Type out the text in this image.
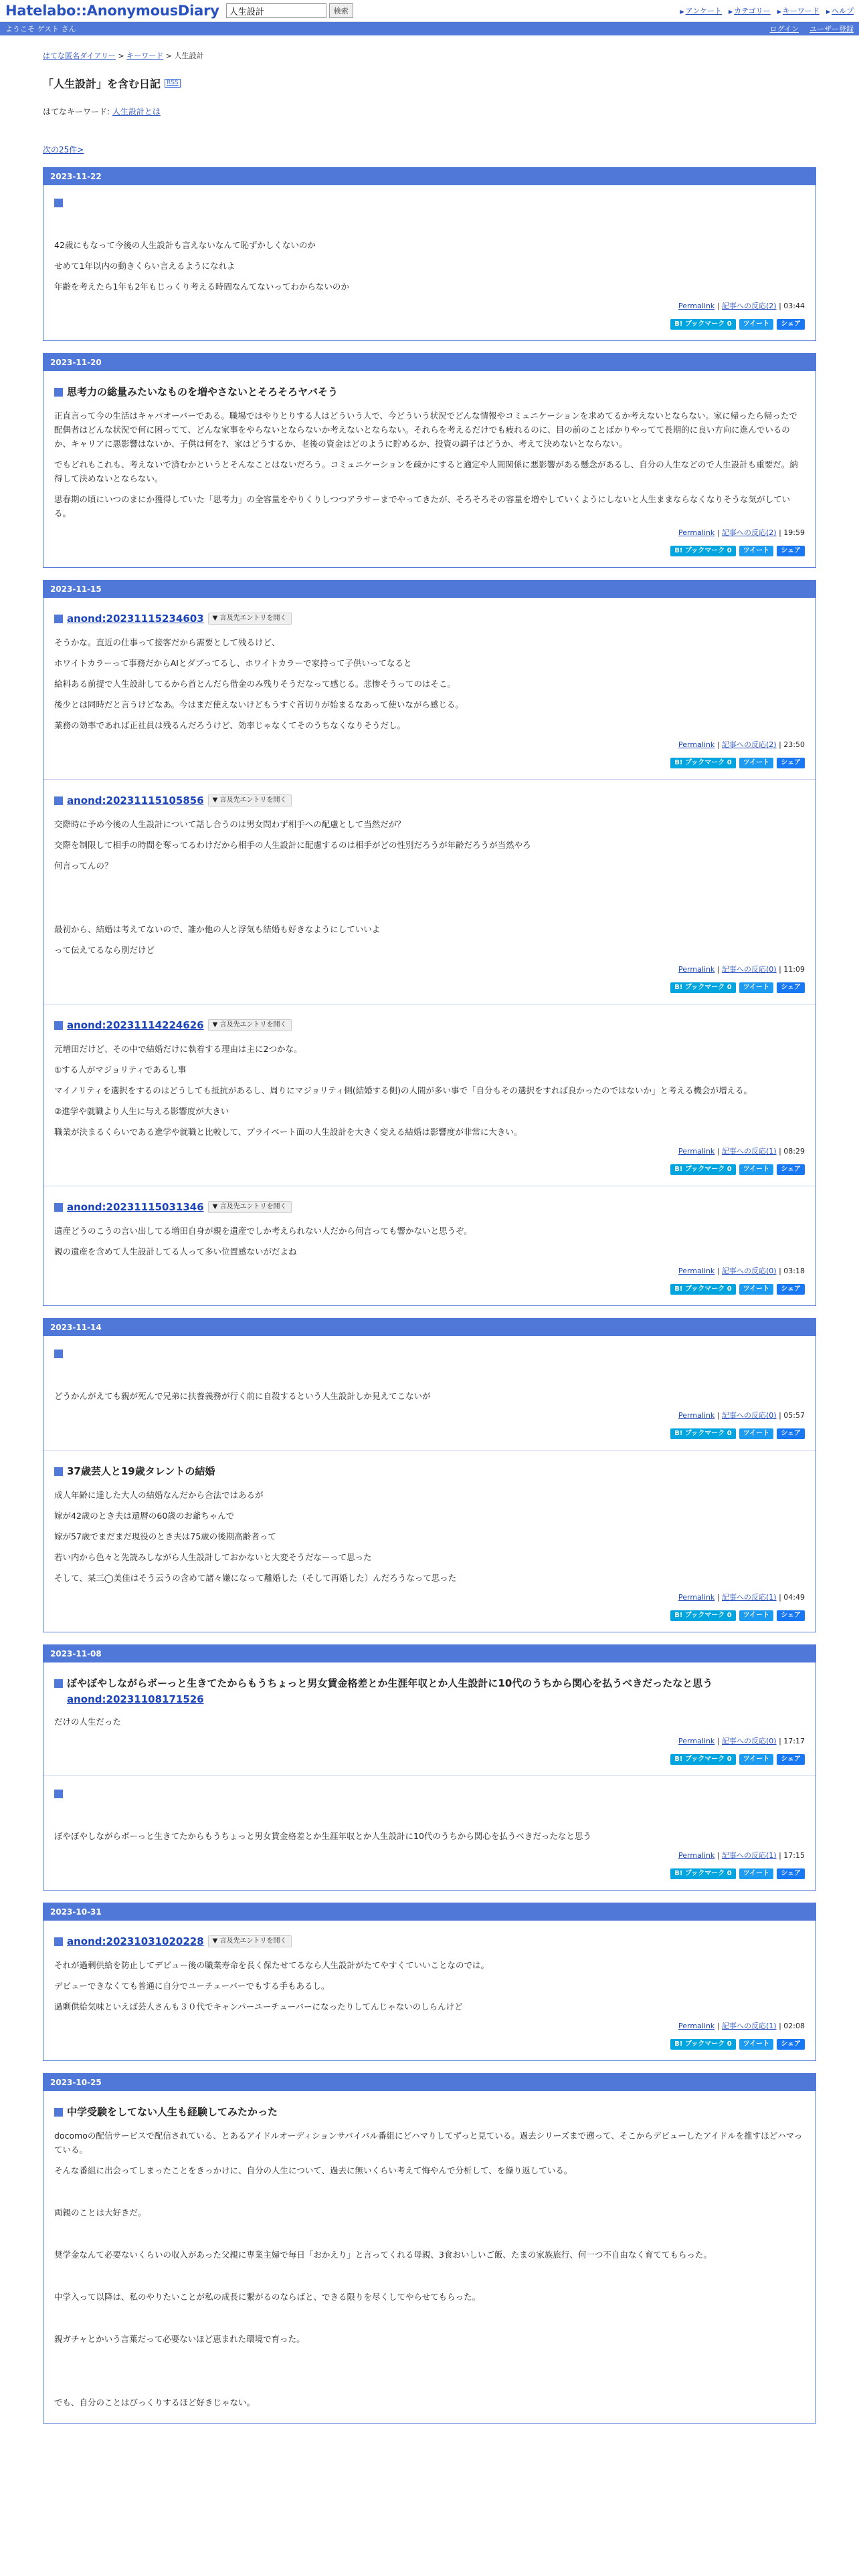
Hatelabo::AnonymousDiary
人生設計	検索	▶ アンケート	▶ カテゴリー	▶ キーワード	▶ ヘルプ
ようこそ ゲスト さん	ログイン ユーザー登録
はてな匿名ダイアリー > キーワード > 人生設計
「人生設計」を含む日記	RSS
はてなキーワード: 人生設計とは
次の25件>
2023-11-22

42歳にもなって今後の人生設計も言えないなんて恥ずかしくないのか

せめて1年以内の動きくらい言えるようになれよ

年齢を考えたら1年も2年もじっくり考える時間なんてないってわからないのか

Permalink | 記事への反応(2) | 03:44
B! ブックマーク 0	ツイート	シェア
2023-11-20
思考力の総量みたいなものを増やさないとそろそろヤバそう

正直言って今の生活はキャパオーバーである。職場ではやりとりする人はどういう人で、今どういう状況でどんな情報やコミュニケーションを求めてるか考えないとならない。家に帰ったら帰ったで配偶者はどんな状況で何に困ってて、どんな家事をやらないとならないか考えないとならない。それらを考えるだけでも疲れるのに、目の前のことばかりやってて長期的に良い方向に進んでいるのか、キャリアに悪影響はないか、子供は何を?、家はどうするか、老後の資金はどのように貯めるか、投資の調子はどうか、考えて決めないとならない。

でもどれもこれも、考えないで済むかというとそんなことはないだろう。コミュニケーションを疎かにすると適定や人間関係に悪影響がある懸念があるし、自分の人生などので人生設計も重要だ。納得して決めないとならない。

思春期の頃にいつのまにか獲得していた「思考力」の全容量をやりくりしつつアラサーまでやってきたが、そろそろその容量を増やしていくようにしないと人生ままならなくなりそうな気がしている。

Permalink | 記事への反応(2) | 19:59
B! ブックマーク 0	ツイート	シェア
2023-11-15
anond:20231115234603	▼ 言及先エントリを開く

そうかな。直近の仕事って接客だから需要として残るけど、

ホワイトカラーって事務だからAIとダブってるし、ホワイトカラーで家持って子供いってなると

給料ある前提で人生設計してるから首とんだら借金のみ残りそうだなって感じる。悲惨そうってのはそこ。

後少とは同時だと言うけどなあ。今はまだ使えないけどもうすぐ首切りが始まるなあって使いながら感じる。

業務の効率であれば正社員は残るんだろうけど、効率じゃなくてそのうちなくなりそうだし。

Permalink | 記事への反応(2) | 23:50
B! ブックマーク 0	ツイート	シェア
anond:20231115105856	▼ 言及先エントリを開く

交際時に予め今後の人生設計について話し合うのは男女問わず相手への配慮として当然だが？

交際を制限して相手の時間を奪ってるわけだから相手の人生設計に配慮するのは相手がどの性別だろうが年齢だろうが当然やろ

何言ってんの？

最初から、結婚は考えてないので、誰か他の人と浮気も結婚も好きなようにしていいよ

って伝えてるなら別だけど

Permalink | 記事への反応(0) | 11:09
B! ブックマーク 0	ツイート	シェア
anond:20231114224626	▼ 言及先エントリを開く

元増田だけど、その中で結婚だけに執着する理由は主に2つかな。

①する人がマジョリティであるし事

マイノリティを選択をするのはどうしても抵抗があるし、周りにマジョリティ側(結婚する側)の人間が多い事で「自分もその選択をすれば良かったのではないか」と考える機会が増える。

②進学や就職より人生に与える影響度が大きい

職業が決まるくらいである進学や就職と比較して、プライベート面の人生設計を大きく変える結婚は影響度が非常に大きい。

Permalink | 記事への反応(1) | 08:29
B! ブックマーク 0	ツイート	シェア
anond:20231115031346	▼ 言及先エントリを開く

遺産どうのこうの言い出してる増田自身が親を遺産でしか考えられない人だから何言っても響かないと思うぞ。

親の遺産を含めて人生設計してる人って多い位置感ないがだよね

Permalink | 記事への反応(0) | 03:18
B! ブックマーク 0	ツイート	シェア
2023-11-14

どうかんがえても親が死んで兄弟に扶養義務が行く前に自殺するという人生設計しか見えてこないが

Permalink | 記事への反応(0) | 05:57
B! ブックマーク 0	ツイート	シェア
37歳芸人と19歳タレントの結婚

成人年齢に達した大人の結婚なんだから合法ではあるが

嫁が42歳のとき夫は還暦の60歳のお爺ちゃんで

嫁が57歳でまだまだ現役のとき夫は75歳の後期高齢者って

若い内から色々と先読みしながら人生設計しておかないと大変そうだなーって思った

そして、某三◯美佳はそう云うの含めて諸々嫌になって離婚した（そして再婚した）んだろうなって思った

Permalink | 記事への反応(1) | 04:49
B! ブックマーク 0	ツイート	シェア
2023-11-08
ぼやぼやしながらボーっと生きてたからもうちょっと男女賃金格差とか生涯年収とか人生設計に10代のうちから関心を払うべきだったなと思う
anond:20231108171526

だけの人生だった

Permalink | 記事への反応(0) | 17:17
B! ブックマーク 0	ツイート	シェア

ぼやぼやしながらボーっと生きてたからもうちょっと男女賃金格差とか生涯年収とか人生設計に10代のうちから関心を払うべきだったなと思う

Permalink | 記事への反応(1) | 17:15
B! ブックマーク 0	ツイート	シェア
2023-10-31
anond:20231031020228	▼ 言及先エントリを開く

それが過剰供給を防止してデビュー後の職業寿命を長く保たせてるなら人生設計がたてやすくていいことなのでは。

デビューできなくても普通に自分でユーチューバーでもする手もあるし。

過剰供給気味といえば芸人さんも３０代でキャンパーユーチューバーになったりしてんじゃないのしらんけど

Permalink | 記事への反応(1) | 02:08
B! ブックマーク 0	ツイート	シェア
2023-10-25
中学受験をしてない人生も経験してみたかった

docomoの配信サービスで配信されている、とあるアイドルオーディションサバイバル番組にどハマりしてずっと見ている。過去シリーズまで遡って、そこからデビューしたアイドルを推すほどハマっている。

そんな番組に出会ってしまったことをきっかけに、自分の人生について、過去に無いくらい考えて悔やんで分析して、を繰り返している。

両親のことは大好きだ。

奨学金なんて必要ないくらいの収入があった父親に専業主婦で毎日「おかえり」と言ってくれる母親、3食おいしいご飯、たまの家族旅行、何一つ不自由なく育ててもらった。

中学入って以降は、私のやりたいことが私の成長に繋がるのならばと、できる限りを尽くしてやらせてもらった。

親ガチャとかいう言葉だって必要ないほど恵まれた環境で育った。

でも、自分のことはびっくりするほど好きじゃない。
